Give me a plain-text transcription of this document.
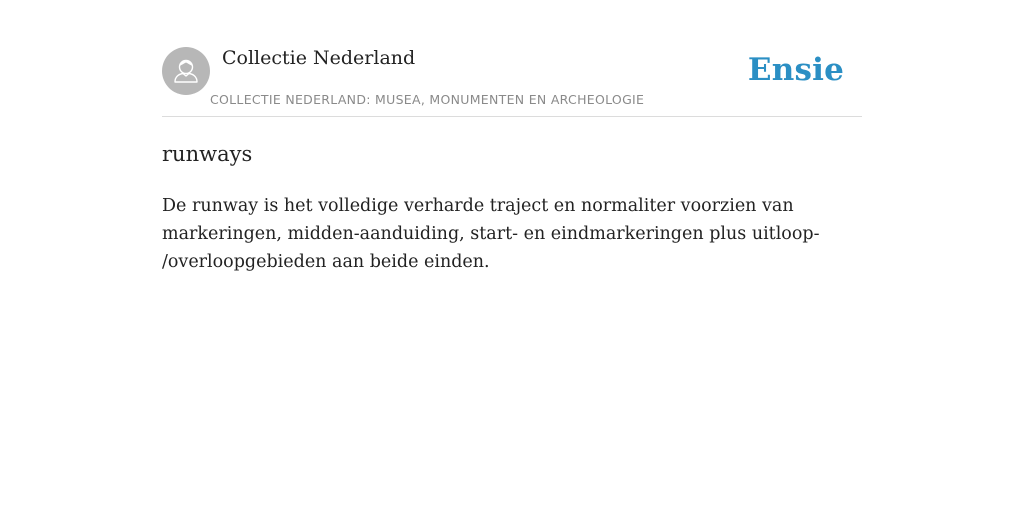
Collectie Nederland
COLLECTIE NEDERLAND: MUSEA, MONUMENTEN EN ARCHEOLOGIE
Ensie
runways

De runway is het volledige verharde traject en normaliter voorzien van
markeringen, midden-aanduiding, start- en eindmarkeringen plus uitloop-
/overloopgebieden aan beide einden.
